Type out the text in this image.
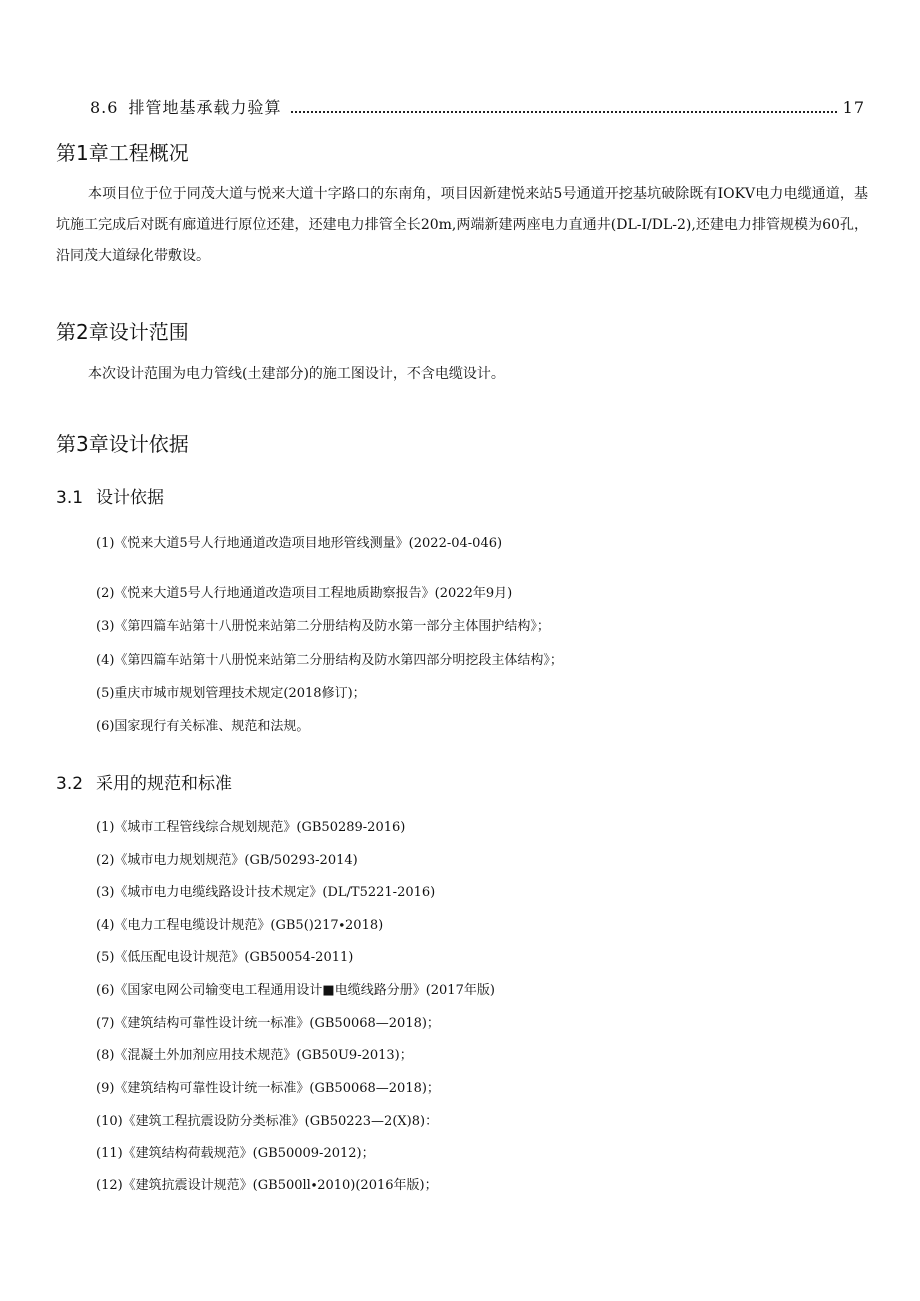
8.6 排管地基承载力验算	17
第1章工程概况

本项目位于位于同茂大道与悦来大道十字路口的东南角，项目因新建悦来站5号通道开挖基坑破除既有IOKV电力电缆通道，基坑施工完成后对既有廊道进行原位还建，还建电力排管全长20m,两端新建两座电力直通井(DL-I/DL-2),还建电力排管规模为60孔，沿同茂大道绿化带敷设。

第2章设计范围

本次设计范围为电力管线(土建部分)的施工图设计，不含电缆设计。

第3章设计依据
3.1 设计依据

(1)《悦来大道5号人行地通道改造项目地形管线测量》(2022-04-046)

(2)《悦来大道5号人行地通道改造项目工程地质勘察报告》(2022年9月)

(3)《第四篇车站第十八册悦来站第二分册结构及防水第一部分主体围护结构》；

(4)《第四篇车站第十八册悦来站第二分册结构及防水第四部分明挖段主体结构》；

(5)重庆市城市规划管理技术规定(2018修订)；

(6)国家现行有关标准、规范和法规。

3.2 采用的规范和标准

(1)《城市工程管线综合规划规范》(GB50289-2016)

(2)《城市电力规划规范》(GB/50293-2014)

(3)《城市电力电缆线路设计技术规定》(DL/T5221-2016)

(4)《电力工程电缆设计规范》(GB5()217∙2018)

(5)《低压配电设计规范》(GB50054-2011)

(6)《国家电网公司输变电工程通用设计■电缆线路分册》(2017年版)

(7)《建筑结构可靠性设计统一标准》(GB50068—2018)；

(8)《混凝土外加剂应用技术规范》(GB50U9-2013)；

(9)《建筑结构可靠性设计统一标准》(GB50068—2018)；

(10)《建筑工程抗震设防分类标准》(GB50223—2(X)8)：

(11)《建筑结构荷载规范》(GB50009-2012)；

(12)《建筑抗震设计规范》(GB500ll∙2010)(2016年版)；
